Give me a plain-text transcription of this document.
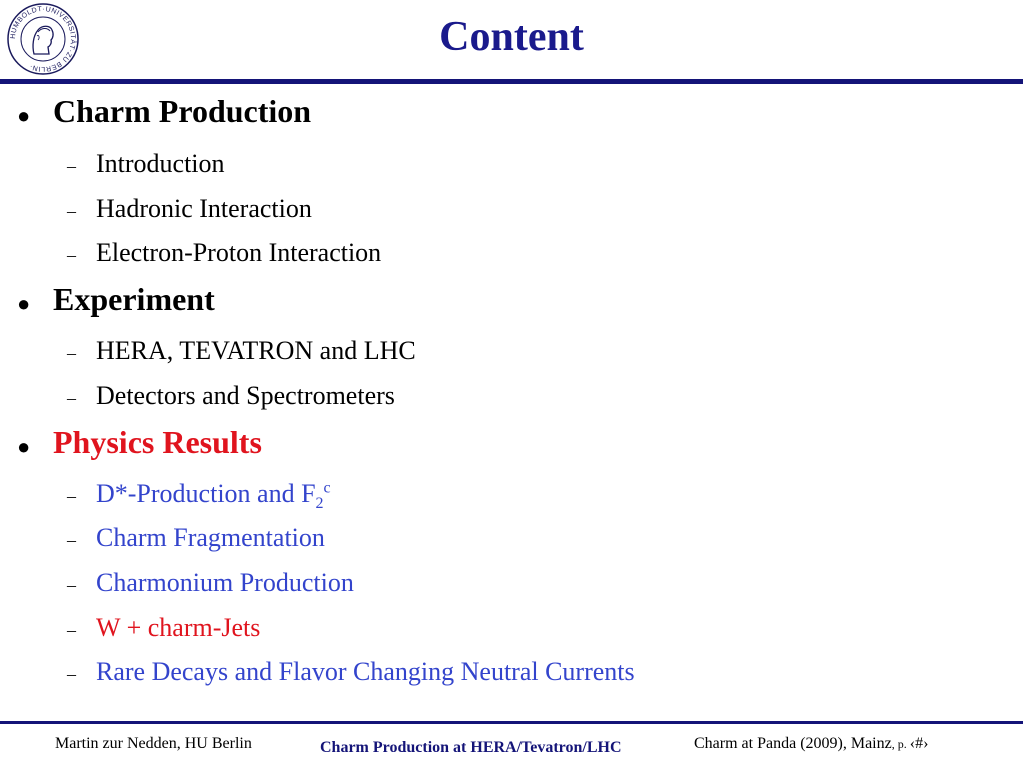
HUMBOLDT·UNIVERSITÄT·ZU BERLIN·
Content
● Charm Production
– Introduction
– Hadronic Interaction
– Electron-Proton Interaction
● Experiment
– HERA, TEVATRON and LHC
– Detectors and Spectrometers
● Physics Results
– D*-Production and $F_2^c$
– Charm Fragmentation
– Charmonium Production
– W + charm-Jets
– Rare Decays and Flavor Changing Neutral Currents
Martin zur Nedden, HU Berlin	Charm Production at HERA/Tevatron/LHC	Charm at Panda (2009), Mainz, p. ‹#›
